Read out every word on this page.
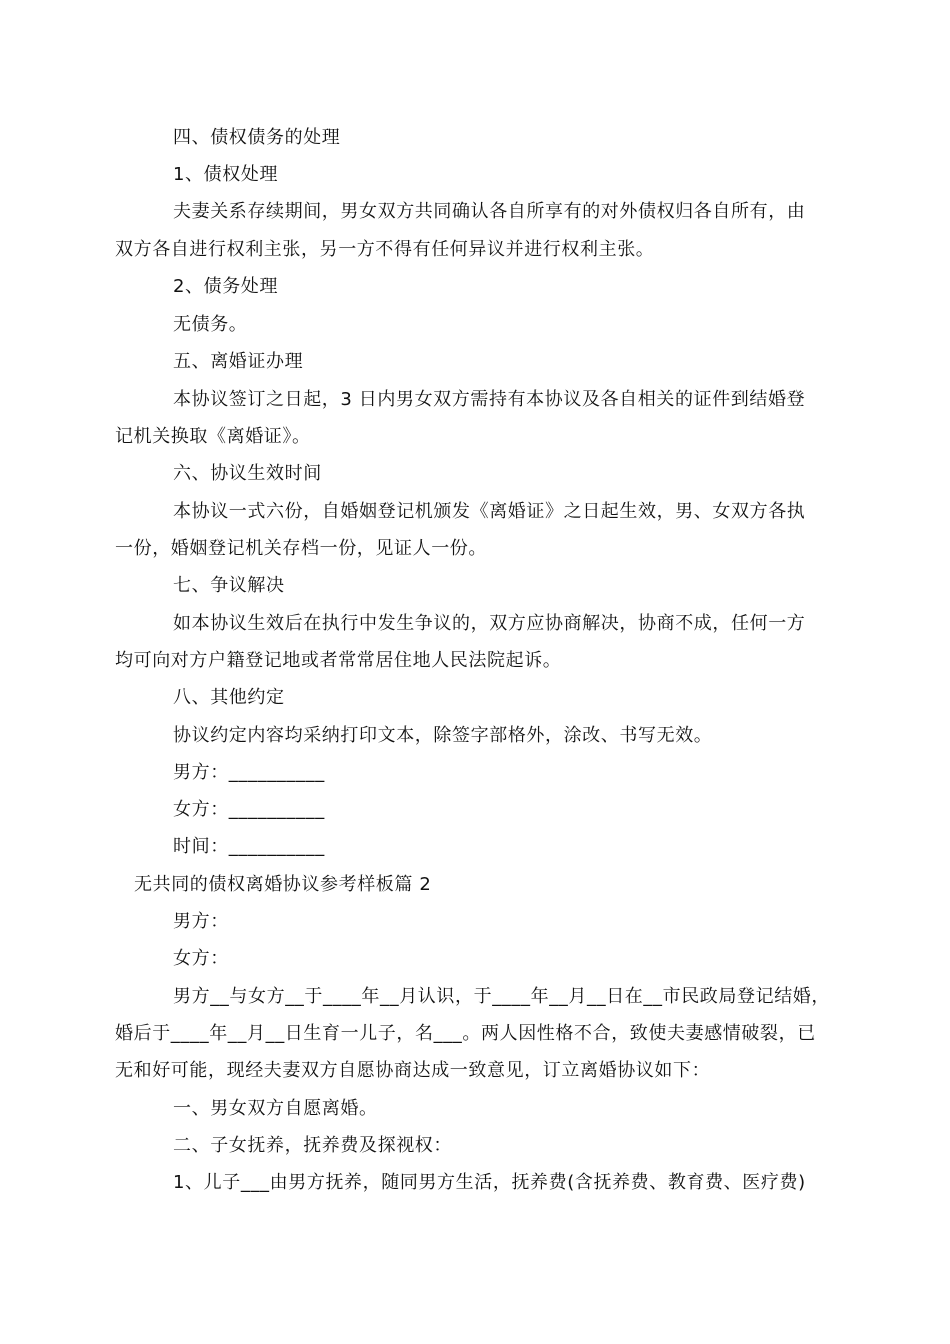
四、债权债务的处理
1、债权处理
夫妻关系存续期间，男女双方共同确认各自所享有的对外债权归各自所有，由
双方各自进行权利主张，另一方不得有任何异议并进行权利主张。
2、债务处理
无债务。
五、离婚证办理
本协议签订之日起，3 日内男女双方需持有本协议及各自相关的证件到结婚登
记机关换取《离婚证》。
六、协议生效时间
本协议一式六份，自婚姻登记机颁发《离婚证》之日起生效，男、女双方各执
一份，婚姻登记机关存档一份，见证人一份。
七、争议解决
如本协议生效后在执行中发生争议的，双方应协商解决，协商不成，任何一方
均可向对方户籍登记地或者常常居住地人民法院起诉。
八、其他约定
协议约定内容均采纳打印文本，除签字部格外，涂改、书写无效。
男方：__________
女方：__________
时间：__________
无共同的债权离婚协议参考样板篇 2
男方：
女方：
男方__与女方__于____年__月认识，于____年__月__日在__市民政局登记结婚，
婚后于____年__月__日生育一儿子，名___。两人因性格不合，致使夫妻感情破裂，已
无和好可能，现经夫妻双方自愿协商达成一致意见，订立离婚协议如下：
一、男女双方自愿离婚。
二、子女抚养，抚养费及探视权：
1、儿子___由男方抚养，随同男方生活，抚养费(含抚养费、教育费、医疗费)
